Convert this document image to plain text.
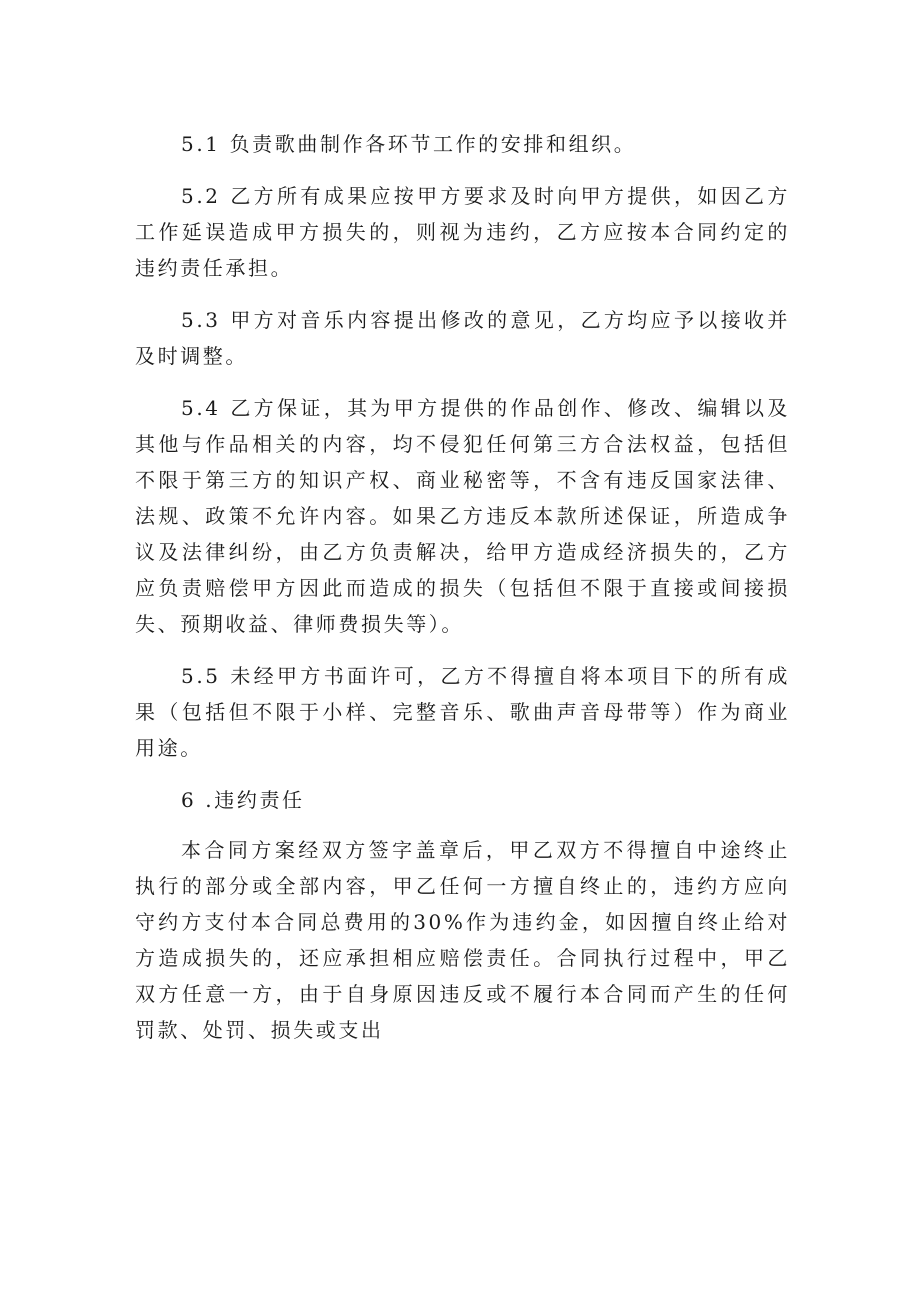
5.1 负责歌曲制作各环节工作的安排和组织。

5.2 乙方所有成果应按甲方要求及时向甲方提供，如因乙方工作延误造成甲方损失的，则视为违约，乙方应按本合同约定的违约责任承担。

5.3 甲方对音乐内容提出修改的意见，乙方均应予以接收并及时调整。

5.4 乙方保证，其为甲方提供的作品创作、修改、编辑以及其他与作品相关的内容，均不侵犯任何第三方合法权益，包括但不限于第三方的知识产权、商业秘密等，不含有违反国家法律、法规、政策不允许内容。如果乙方违反本款所述保证，所造成争议及法律纠纷，由乙方负责解决，给甲方造成经济损失的，乙方应负责赔偿甲方因此而造成的损失（包括但不限于直接或间接损失、预期收益、律师费损失等）。

5.5 未经甲方书面许可，乙方不得擅自将本项目下的所有成果（包括但不限于小样、完整音乐、歌曲声音母带等）作为商业用途。

6 .违约责任

本合同方案经双方签字盖章后，甲乙双方不得擅自中途终止执行的部分或全部内容，甲乙任何一方擅自终止的，违约方应向守约方支付本合同总费用的30%作为违约金，如因擅自终止给对方造成损失的，还应承担相应赔偿责任。合同执行过程中，甲乙双方任意一方，由于自身原因违反或不履行本合同而产生的任何罚款、处罚、损失或支出
